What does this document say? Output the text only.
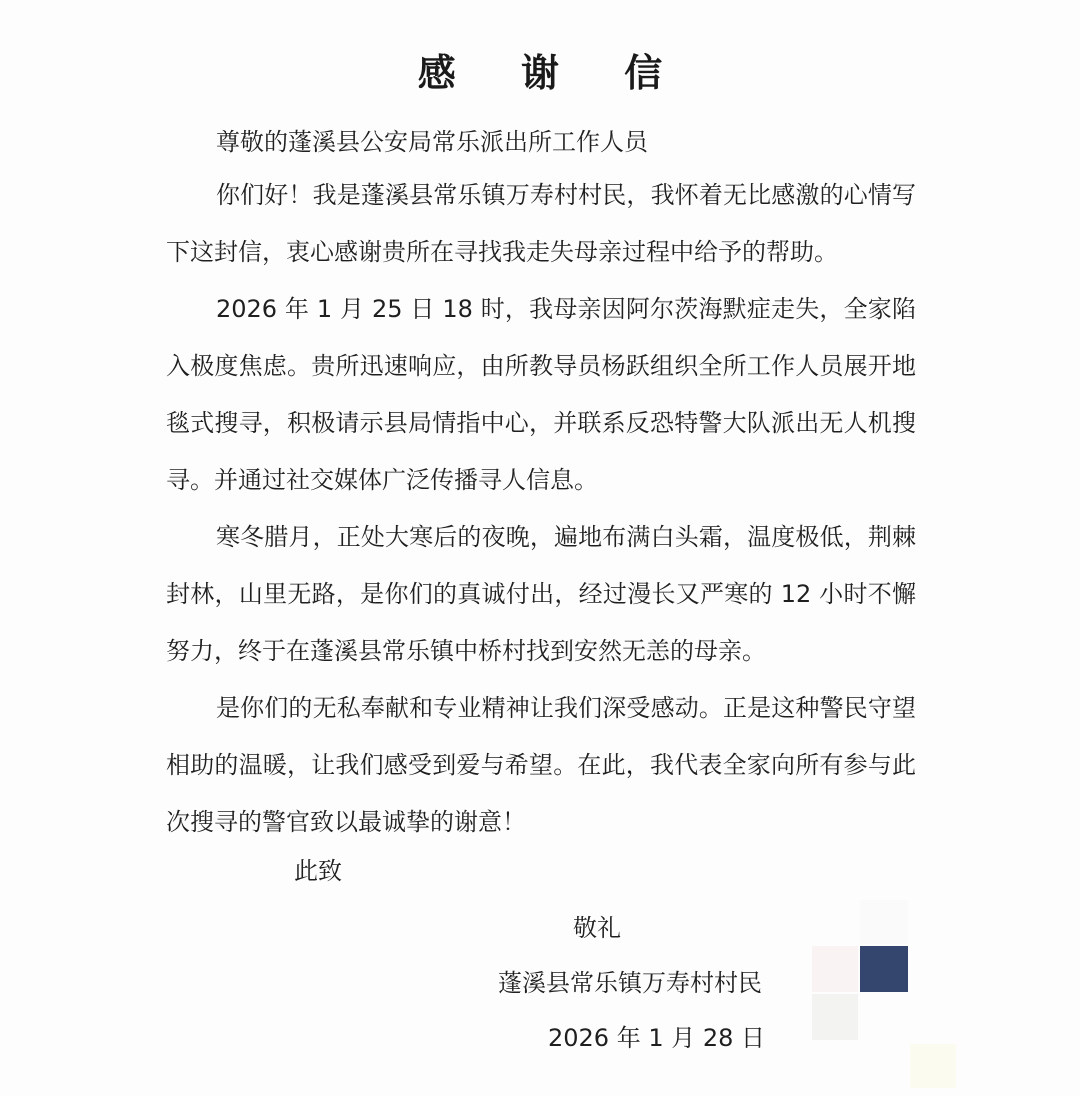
感 谢 信
尊敬的蓬溪县公安局常乐派出所工作人员

你们好！我是蓬溪县常乐镇万寿村村民，我怀着无比感激的心情写下这封信，衷心感谢贵所在寻找我走失母亲过程中给予的帮助。

2026 年 1 月 25 日 18 时，我母亲因阿尔茨海默症走失，全家陷入极度焦虑。贵所迅速响应，由所教导员杨跃组织全所工作人员展开地毯式搜寻，积极请示县局情指中心，并联系反恐特警大队派出无人机搜寻。并通过社交媒体广泛传播寻人信息。

寒冬腊月，正处大寒后的夜晚，遍地布满白头霜，温度极低，荆棘封林，山里无路，是你们的真诚付出，经过漫长又严寒的 12 小时不懈努力，终于在蓬溪县常乐镇中桥村找到安然无恙的母亲。

是你们的无私奉献和专业精神让我们深受感动。正是这种警民守望相助的温暖，让我们感受到爱与希望。在此，我代表全家向所有参与此次搜寻的警官致以最诚挚的谢意！

此致
敬礼
蓬溪县常乐镇万寿村村民
2026 年 1 月 28 日
